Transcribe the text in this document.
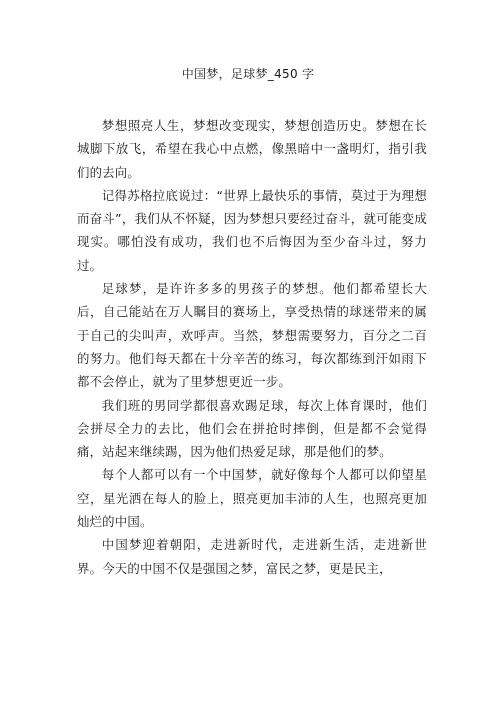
中国梦，足球梦_450 字

梦想照亮人生，梦想改变现实，梦想创造历史。梦想在长城脚下放飞，希望在我心中点燃，像黑暗中一盏明灯，指引我们的去向。

记得苏格拉底说过：“世界上最快乐的事情，莫过于为理想而奋斗”，我们从不怀疑，因为梦想只要经过奋斗，就可能变成现实。哪怕没有成功，我们也不后悔因为至少奋斗过，努力过。

足球梦，是许许多多的男孩子的梦想。他们都希望长大后，自己能站在万人瞩目的赛场上，享受热情的球迷带来的属于自己的尖叫声，欢呼声。当然，梦想需要努力，百分之二百的努力。他们每天都在十分辛苦的练习，每次都练到汗如雨下都不会停止，就为了里梦想更近一步。

我们班的男同学都很喜欢踢足球，每次上体育课时，他们会拼尽全力的去比，他们会在拼抢时摔倒，但是都不会觉得痛，站起来继续踢，因为他们热爱足球，那是他们的梦。

每个人都可以有一个中国梦，就好像每个人都可以仰望星空，星光洒在每人的脸上，照亮更加丰沛的人生，也照亮更加灿烂的中国。

中国梦迎着朝阳，走进新时代，走进新生活，走进新世界。今天的中国不仅是强国之梦，富民之梦，更是民主，
